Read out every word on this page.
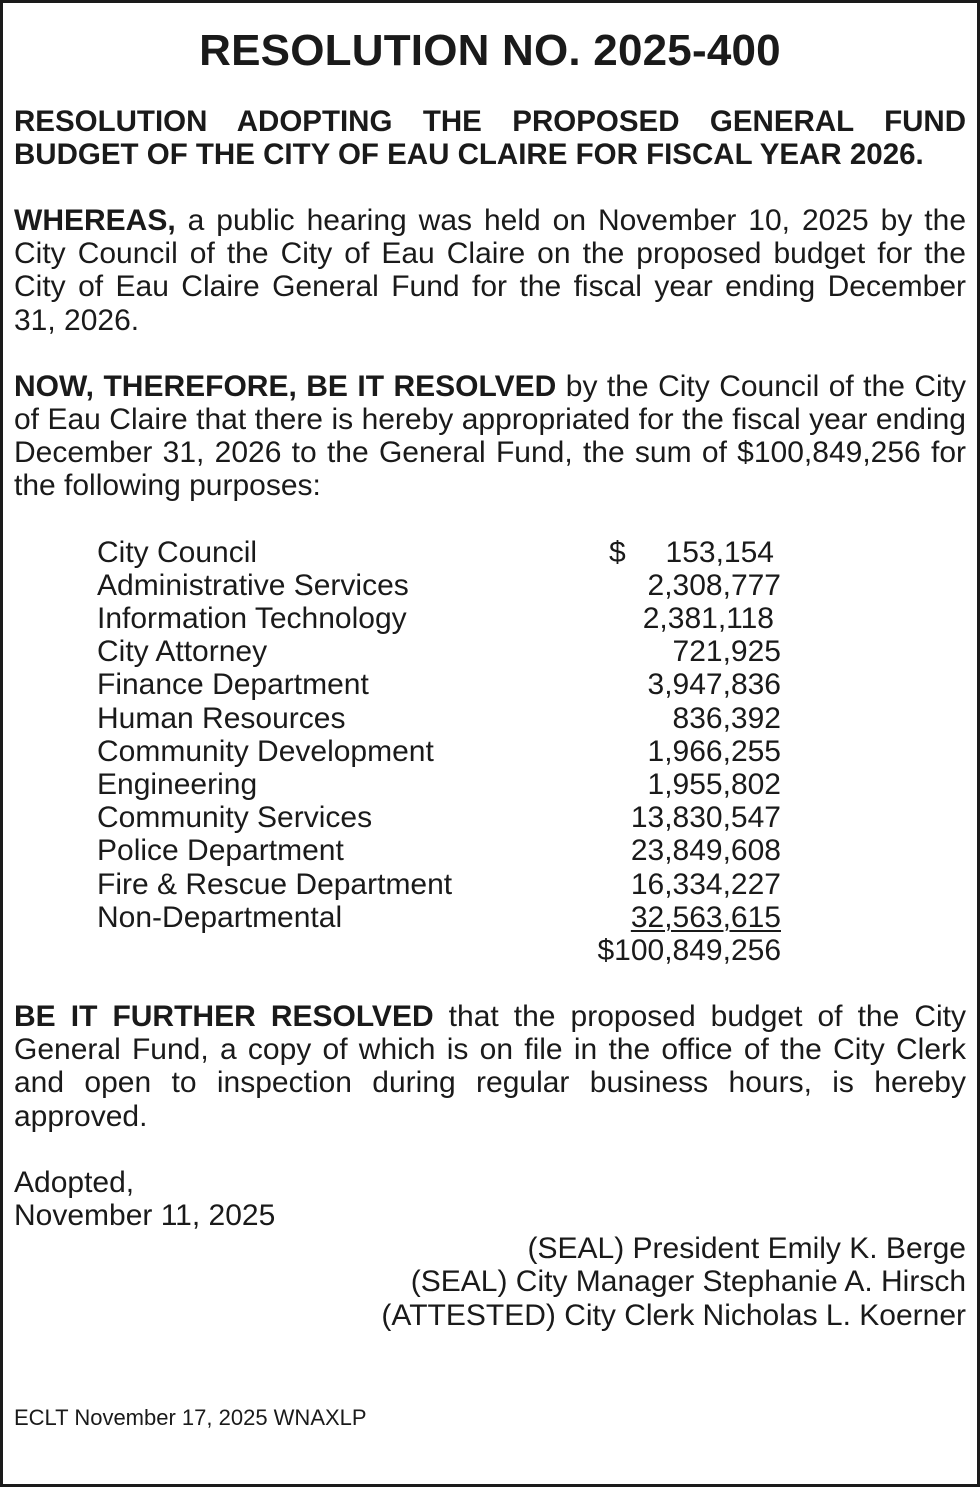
RESOLUTION NO. 2025-400

RESOLUTION ADOPTING THE PROPOSED GENERAL FUND BUDGET OF THE CITY OF EAU CLAIRE FOR FISCAL YEAR 2026.

WHEREAS, a public hearing was held on November 10, 2025 by the City Council of the City of Eau Claire on the proposed budget for the City of Eau Claire General Fund for the fiscal year ending December 31, 2026.

NOW, THEREFORE, BE IT RESOLVED by the City Council of the City of Eau Claire that there is hereby appropriated for the fiscal year ending December 31, 2026 to the General Fund, the sum of $100,849,256 for the following purposes:

City Council	$ 153,154
Administrative Services	2,308,777
Information Technology	2,381,118
City Attorney	721,925
Finance Department	3,947,836
Human Resources	836,392
Community Development	1,966,255
Engineering	1,955,802
Community Services	13,830,547
Police Department	23,849,608
Fire & Rescue Department	16,334,227
Non-Departmental	32,563,615
$100,849,256

BE IT FURTHER RESOLVED that the proposed budget of the City General Fund, a copy of which is on file in the office of the City Clerk and open to inspection during regular business hours, is hereby approved.

Adopted,
November 11, 2025
(SEAL) President Emily K. Berge
(SEAL) City Manager Stephanie A. Hirsch
(ATTESTED) City Clerk Nicholas L. Koerner
ECLT November 17, 2025 WNAXLP
